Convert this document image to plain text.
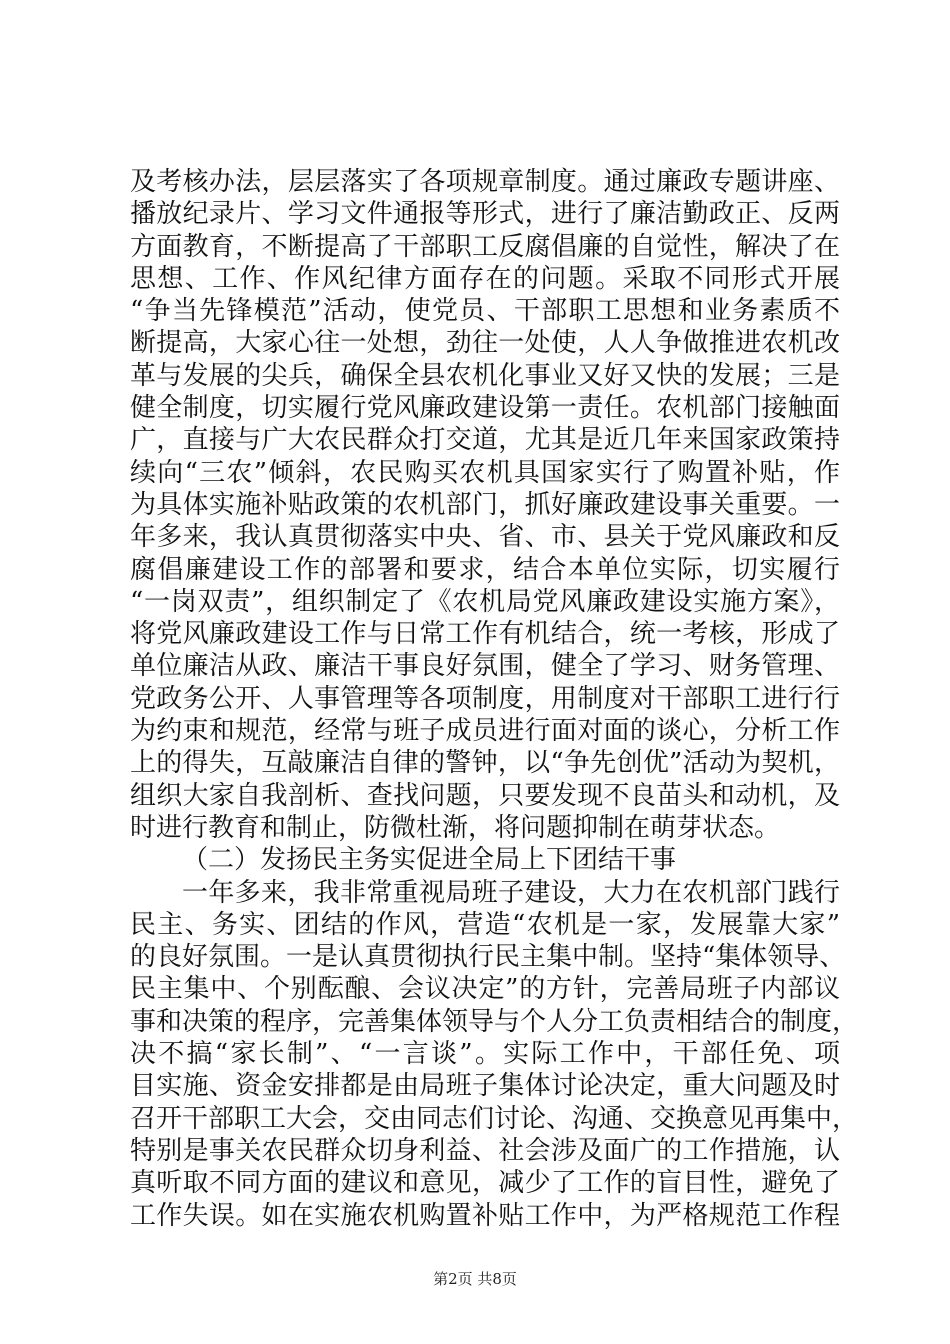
及考核办法，层层落实了各项规章制度。通过廉政专题讲座、
播放纪录片、学习文件通报等形式，进行了廉洁勤政正、反两
方面教育，不断提高了干部职工反腐倡廉的自觉性，解决了在
思想、工作、作风纪律方面存在的问题。采取不同形式开展
“争当先锋模范”活动，使党员、干部职工思想和业务素质不
断提高，大家心往一处想，劲往一处使，人人争做推进农机改
革与发展的尖兵，确保全县农机化事业又好又快的发展；三是
健全制度，切实履行党风廉政建设第一责任。农机部门接触面
广，直接与广大农民群众打交道，尤其是近几年来国家政策持
续向“三农”倾斜，农民购买农机具国家实行了购置补贴，作
为具体实施补贴政策的农机部门，抓好廉政建设事关重要。一
年多来，我认真贯彻落实中央、省、市、县关于党风廉政和反
腐倡廉建设工作的部署和要求，结合本单位实际，切实履行
“一岗双责”，组织制定了《农机局党风廉政建设实施方案》，
将党风廉政建设工作与日常工作有机结合，统一考核，形成了
单位廉洁从政、廉洁干事良好氛围，健全了学习、财务管理、
党政务公开、人事管理等各项制度，用制度对干部职工进行行
为约束和规范，经常与班子成员进行面对面的谈心，分析工作
上的得失，互敲廉洁自律的警钟，以“争先创优”活动为契机，
组织大家自我剖析、查找问题，只要发现不良苗头和动机，及
时进行教育和制止，防微杜渐，将问题抑制在萌芽状态。
（二）发扬民主务实促进全局上下团结干事
一年多来，我非常重视局班子建设，大力在农机部门践行
民主、务实、团结的作风，营造“农机是一家，发展靠大家”
的良好氛围。一是认真贯彻执行民主集中制。坚持“集体领导、
民主集中、个别酝酿、会议决定”的方针，完善局班子内部议
事和决策的程序，完善集体领导与个人分工负责相结合的制度，
决不搞“家长制”、“一言谈”。实际工作中，干部任免、项
目实施、资金安排都是由局班子集体讨论决定，重大问题及时
召开干部职工大会，交由同志们讨论、沟通、交换意见再集中，
特别是事关农民群众切身利益、社会涉及面广的工作措施，认
真听取不同方面的建议和意见，减少了工作的盲目性，避免了
工作失误。如在实施农机购置补贴工作中，为严格规范工作程
第2页 共8页
